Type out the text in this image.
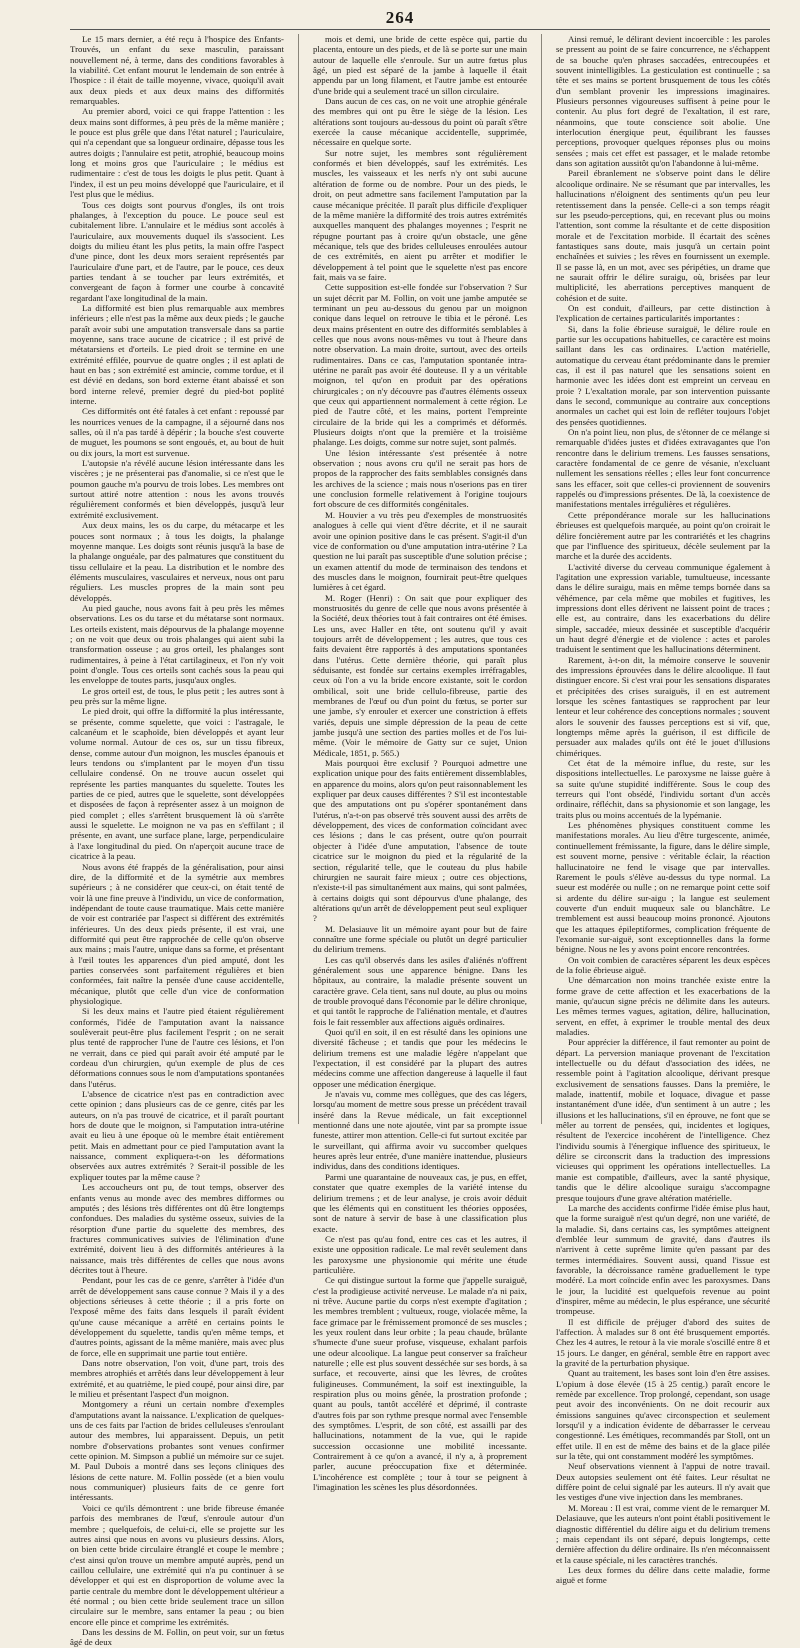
264

Le 15 mars dernier, a été reçu à l'hospice des Enfants-Trouvés, un enfant du sexe masculin, paraissant nouvellement né, à terme, dans des conditions favorables à la viabilité. Cet enfant mourut le lendemain de son entrée à l'hospice : il était de taille moyenne, vivace, quoiqu'il avait aux deux pieds et aux deux mains des difformités remarquables.

Au premier abord, voici ce qui frappe l'attention : les deux mains sont difformes, à peu près de la même manière ; le pouce est plus grêle que dans l'état naturel ; l'auriculaire, qui n'a cependant que sa longueur ordinaire, dépasse tous les autres doigts ; l'annulaire est petit, atrophié, beaucoup moins long et moins gros que l'auriculaire ; le médius est rudimentaire : c'est de tous les doigts le plus petit. Quant à l'index, il est un peu moins développé que l'auriculaire, et il l'est plus que le médius.

Tous ces doigts sont pourvus d'ongles, ils ont trois phalanges, à l'exception du pouce. Le pouce seul est cubitalement libre. L'annulaire et le médius sont accolés à l'auriculaire, aux mouvements duquel ils s'associent. Les doigts du milieu étant les plus petits, la main offre l'aspect d'une pince, dont les deux mors seraient représentés par l'auriculaire d'une part, et de l'autre, par le pouce, ces deux parties tendant à se toucher par leurs extrémités, et convergeant de façon à former une courbe à concavité regardant l'axe longitudinal de la main.

La difformité est bien plus remarquable aux membres inférieurs ; elle n'est pas la même aux deux pieds ; le gauche paraît avoir subi une amputation transversale dans sa partie moyenne, sans trace aucune de cicatrice ; il est privé de métatarsiens et d'orteils. Le pied droit se termine en une extrémité effilée, pourvue de quatre ongles ; il est aplati de haut en bas ; son extrémité est amincie, comme tordue, et il est dévié en dedans, son bord externe étant abaissé et son bord interne relevé, premier degré du pied-bot poplité interne.

Ces difformités ont été fatales à cet enfant : repoussé par les nourrices venues de la campagne, il a séjourné dans nos salles, où il n'a pas tardé à dépérir ; la bouche s'est couverte de muguet, les poumons se sont engoués, et, au bout de huit ou dix jours, la mort est survenue.

L'autopsie n'a révélé aucune lésion intéressante dans les viscères ; je ne présenterai pas d'anomalie, si ce n'est que le poumon gauche m'a pourvu de trois lobes. Les membres ont surtout attiré notre attention : nous les avons trouvés régulièrement conformés et bien développés, jusqu'à leur extrémité exclusivement.

Aux deux mains, les os du carpe, du métacarpe et les pouces sont normaux ; à tous les doigts, la phalange moyenne manque. Les doigts sont réunis jusqu'à la base de la phalange onguéale, par des palmatures que constituent du tissu cellulaire et la peau. La distribution et le nombre des éléments musculaires, vasculaires et nerveux, nous ont paru réguliers. Les muscles propres de la main sont peu développés.

Au pied gauche, nous avons fait à peu près les mêmes observations. Les os du tarse et du métatarse sont normaux. Les orteils existent, mais dépourvus de la phalange moyenne ; on ne voit que deux ou trois phalanges qui aient subi la transformation osseuse ; au gros orteil, les phalanges sont rudimentaires, à peine à l'état cartilagineux, et l'on n'y voit point d'ongle. Tous ces orteils sont cachés sous la peau qui les enveloppe de toutes parts, jusqu'aux ongles.

Le gros orteil est, de tous, le plus petit ; les autres sont à peu près sur la même ligne.

Le pied droit, qui offre la difformité la plus intéressante, se présente, comme squelette, que voici : l'astragale, le calcanéum et le scaphoïde, bien développés et ayant leur volume normal. Autour de ces os, sur un tissu fibreux, dense, comme autour d'un moignon, les muscles épanouis et leurs tendons ou s'implantent par le moyen d'un tissu cellulaire condensé. On ne trouve aucun osselet qui représente les parties manquantes du squelette. Toutes les parties de ce pied, autres que le squelette, sont développées et disposées de façon à représenter assez à un moignon de pied complet ; elles s'arrêtent brusquement là où s'arrête aussi le squelette. Le moignon ne va pas en s'effilant ; il présente, en avant, une surface plane, large, perpendiculaire à l'axe longitudinal du pied. On n'aperçoit aucune trace de cicatrice à la peau.

Nous avons été frappés de la généralisation, pour ainsi dire, de la difformité et de la symétrie aux membres supérieurs ; à ne considérer que ceux-ci, on était tenté de voir là une fine preuve à l'individu, un vice de conformation, indépendant de toute cause traumatique. Mais cette manière de voir est contrariée par l'aspect si différent des extrémités inférieures. Un des deux pieds présente, il est vrai, une difformité qui peut être rapprochée de celle qu'on observe aux mains ; mais l'autre, unique dans sa forme, et présentant à l'œil toutes les apparences d'un pied amputé, dont les parties conservées sont parfaitement régulières et bien conformées, fait naître la pensée d'une cause accidentelle, mécanique, plutôt que celle d'un vice de conformation physiologique.

Si les deux mains et l'autre pied étaient régulièrement conformés, l'idée de l'amputation avant la naissance soulèverait peut-être plus facilement l'esprit ; on ne serait plus tenté de rapprocher l'une de l'autre ces lésions, et l'on ne verrait, dans ce pied qui paraît avoir été amputé par le cordeau d'un chirurgien, qu'un exemple de plus de ces déformations connues sous le nom d'amputations spontanées dans l'utérus.

L'absence de cicatrice n'est pas en contradiction avec cette opinion ; dans plusieurs cas de ce genre, cités par les auteurs, on n'a pas trouvé de cicatrice, et il paraît pourtant hors de doute que le moignon, si l'amputation intra-utérine avait eu lieu à une époque où le membre était entièrement petit. Mais en admettant pour ce pied l'amputation avant la naissance, comment expliquera-t-on les déformations observées aux autres extrémités ? Serait-il possible de les expliquer toutes par la même cause ?

Les accoucheurs ont pu, de tout temps, observer des enfants venus au monde avec des membres difformes ou amputés ; des lésions très différentes ont dû être longtemps confondues. Des maladies du système osseux, suivies de la résorption d'une partie du squelette des membres, des fractures communicatives suivies de l'élimination d'une extrémité, doivent lieu à des difformités antérieures à la naissance, mais très différentes de celles que nous avons décrites tout à l'heure.

Pendant, pour les cas de ce genre, s'arrêter à l'idée d'un arrêt de développement sans cause connue ? Mais il y a des objections sérieuses à cette théorie ; il a pris forte on l'exposé même des faits dans lesquels il paraît évident qu'une cause mécanique a arrêté en certains points le développement du squelette, tandis qu'en même temps, et d'autres points, agissant de la même manière, mais avec plus de force, elle en supprimait une partie tout entière.

Dans notre observation, l'on voit, d'une part, trois des membres atrophiés et arrêtés dans leur développement à leur extrémité, et au quatrième, le pied coupé, pour ainsi dire, par le milieu et présentant l'aspect d'un moignon.

Montgomery a réuni un certain nombre d'exemples d'amputations avant la naissance. L'explication de quelques-uns de ces faits par l'action de brides celluleuses s'enroulant autour des membres, lui apparaissent. Depuis, un petit nombre d'observations probantes sont venues confirmer cette opinion. M. Simpson a publié un mémoire sur ce sujet. M. Paul Dubois a montré dans ses leçons cliniques des lésions de cette nature. M. Follin possède (et a bien voulu nous communiquer) plusieurs faits de ce genre fort intéressants.

Voici ce qu'ils démontrent : une bride fibreuse émanée parfois des membranes de l'œuf, s'enroule autour d'un membre ; quelquefois, de celui-ci, elle se projette sur les autres ainsi que nous en avons vu plusieurs dessins. Alors, on bien cette bride circulaire étranglé et coupe le membre ; c'est ainsi qu'on trouve un membre amputé auprès, pend un caillou cellulaire, une extrémité qui n'a pu continuer à se développer et qui est en disproportion de volume avec la partie centrale du membre dont le développement ultérieur a été normal ; ou bien cette bride seulement trace un sillon circulaire sur le membre, sans entamer la peau ; ou bien encore elle pince et comprime les extrémités.

Dans les dessins de M. Follin, on peut voir, sur un fœtus âgé de deux

mois et demi, une bride de cette espèce qui, partie du placenta, entoure un des pieds, et de là se porte sur une main autour de laquelle elle s'enroule. Sur un autre fœtus plus âgé, un pied est séparé de la jambe à laquelle il était appendu par un long filament, et l'autre jambe est entourée d'une bride qui a seulement tracé un sillon circulaire.

Dans aucun de ces cas, on ne voit une atrophie générale des membres qui ont pu être le siège de la lésion. Les altérations sont toujours au-dessous du point où paraît s'être exercée la cause mécanique accidentelle, supprimée, nécessaire en quelque sorte.

Sur notre sujet, les membres sont régulièrement conformés et bien développés, sauf les extrémités. Les muscles, les vaisseaux et les nerfs n'y ont subi aucune altération de forme ou de nombre. Pour un des pieds, le droit, on peut admettre sans facilement l'amputation par la cause mécanique précitée. Il paraît plus difficile d'expliquer de la même manière la difformité des trois autres extrémités auxquelles manquent des phalanges moyennes ; l'esprit ne répugne pourtant pas à croire qu'un obstacle, une gêne mécanique, tels que des brides celluleuses enroulées autour de ces extrémités, en aient pu arrêter et modifier le développement à tel point que le squelette n'est pas encore fait, mais va se faire.

Cette supposition est-elle fondée sur l'observation ? Sur un sujet décrit par M. Follin, on voit une jambe amputée se terminant un peu au-dessous du genou par un moignon conique dans lequel on retrouve le tibia et le péroné. Les deux mains présentent en outre des difformités semblables à celles que nous avons nous-mêmes vu tout à l'heure dans notre observation. La main droite, surtout, avec des orteils rudimentaires. Dans ce cas, l'amputation spontanée intra-utérine ne paraît pas avoir été douteuse. Il y a un véritable moignon, tel qu'on en produit par des opérations chirurgicales ; on n'y découvre pas d'autres éléments osseux que ceux qui appartiennent normalement à cette région. Le pied de l'autre côté, et les mains, portent l'empreinte circulaire de la bride qui les a comprimés et déformés. Plusieurs doigts n'ont que la première et la troisième phalange. Les doigts, comme sur notre sujet, sont palmés.

Une lésion intéressante s'est présentée à notre observation ; nous avons cru qu'il ne serait pas hors de propos de la rapprocher des faits semblables consignés dans les archives de la science ; mais nous n'oserions pas en tirer une conclusion formelle relativement à l'origine toujours fort obscure de ces difformités congénitales.

M. Houvier a vu très peu d'exemples de monstruosités analogues à celle qui vient d'être décrite, et il ne saurait avoir une opinion positive dans le cas présent. S'agit-il d'un vice de conformation ou d'une amputation intra-utérine ? La question ne lui paraît pas susceptible d'une solution précise ; un examen attentif du mode de terminaison des tendons et des muscles dans le moignon, fournirait peut-être quelques lumières à cet égard.

M. Roger (Henri) : On sait que pour expliquer des monstruosités du genre de celle que nous avons présentée à la Société, deux théories tout à fait contraires ont été émises. Les uns, avec Haller en tête, ont soutenu qu'il y avait toujours arrêt de développement ; les autres, que tous ces faits devaient être rapportés à des amputations spontanées dans l'utérus. Cette dernière théorie, qui paraît plus séduisante, est fondée sur certains exemples irréfragables, ceux où l'on a vu la bride encore existante, soit le cordon ombilical, soit une bride cellulo-fibreuse, partie des membranes de l'œuf ou d'un point du fœtus, se porter sur une jambe, s'y enrouler et exercer une constriction à effets variés, depuis une simple dépression de la peau de cette jambe jusqu'à une section des parties molles et de l'os lui-même. (Voir le mémoire de Gatty sur ce sujet, Union Médicale, 1851, p. 565.)

Mais pourquoi être exclusif ? Pourquoi admettre une explication unique pour des faits entièrement dissemblables, en apparence du moins, alors qu'on peut raisonnablement les expliquer par deux causes différentes ? S'il est incontestable que des amputations ont pu s'opérer spontanément dans l'utérus, n'a-t-on pas observé très souvent aussi des arrêts de développement, des vices de conformation coïncidant avec ces lésions ; dans le cas présent, outre qu'on pourrait objecter à l'idée d'une amputation, l'absence de toute cicatrice sur le moignon du pied et la régularité de la section, régularité telle, que le couteau du plus habile chirurgien ne saurait faire mieux ; outre ces objections, n'existe-t-il pas simultanément aux mains, qui sont palmées, à certains doigts qui sont dépourvus d'une phalange, des altérations qu'un arrêt de développement peut seul expliquer ?

M. Delasiauve lit un mémoire ayant pour but de faire connaître une forme spéciale ou plutôt un degré particulier du delirium tremens.

Les cas qu'il observés dans les asiles d'aliénés n'offrent généralement sous une apparence bénigne. Dans les hôpitaux, au contraire, la maladie présente souvent un caractère grave. Cela tient, sans nul doute, au plus ou moins de trouble provoqué dans l'économie par le délire chronique, et qui tantôt le rapproche de l'aliénation mentale, et d'autres fois le fait ressembler aux affections aiguës ordinaires.

Quoi qu'il en soit, il en est résulté dans les opinions une diversité fâcheuse ; et tandis que pour les médecins le delirium tremens est une maladie légère n'appelant que l'expectation, il est considéré par la plupart des autres médecins comme une affection dangereuse à laquelle il faut opposer une médication énergique.

Je n'avais vu, comme mes collègues, que des cas légers, lorsqu'au moment de mettre sous presse un précédent travail inséré dans la Revue médicale, un fait exceptionnel mentionné dans une note ajoutée, vint par sa prompte issue funeste, attirer mon attention. Celle-ci fut surtout excitée par le surveillant, qui affirma avoir vu succomber quelques heures après leur entrée, d'une manière inattendue, plusieurs individus, dans des conditions identiques.

Parmi une quarantaine de nouveaux cas, je pus, en effet, constater que quatre exemples de la variété intense du delirium tremens ; et de leur analyse, je crois avoir déduit que les éléments qui en constituent les théories opposées, sont de nature à servir de base à une classification plus exacte.

Ce n'est pas qu'au fond, entre ces cas et les autres, il existe une opposition radicale. Le mal revêt seulement dans les paroxysme une physionomie qui mérite une étude particulière.

Ce qui distingue surtout la forme que j'appelle suraiguë, c'est la prodigieuse activité nerveuse. Le malade n'a ni paix, ni trêve. Aucune partie du corps n'est exempte d'agitation ; les membres tremblent ; vultueux, rouge, violacée même, la face grimace par le frémissement promoncé de ses muscles ; les yeux roulent dans leur orbite ; la peau chaude, brûlante s'humecte d'une sueur profuse, visqueuse, exhalant parfois une odeur alcoolique. La langue peut conserver sa fraîcheur naturelle ; elle est plus souvent desséchée sur ses bords, à sa surface, et recouverte, ainsi que les lèvres, de croûtes fuligineuses. Communément, la soif est inextinguible, la respiration plus ou moins gênée, la prostration profonde ; quant au pouls, tantôt accéléré et déprimé, il contraste d'autres fois par son rythme presque normal avec l'ensemble des symptômes. L'esprit, de son côté, est assailli par des hallucinations, notamment de la vue, qui le rapide succession occasionne une mobilité incessante. Contrairement à ce qu'on a avancé, il n'y a, à proprement parler, aucune préoccupation fixe et déterminée. L'incohérence est complète ; tour à tour se peignent à l'imagination les scènes les plus désordonnées.

Ainsi remué, le délirant devient incoercible : les paroles se pressent au point de se faire concurrence, ne s'échappent de sa bouche qu'en phrases saccadées, entrecoupées et souvent inintelligibles. La gesticulation est continuelle ; sa tête et ses mains se portent brusquement de tous les côtés d'un semblant provenir les impressions imaginaires. Plusieurs personnes vigoureuses suffisent à peine pour le contenir. Au plus fort degré de l'exaltation, il est rare, néanmoins, que toute conscience soit abolie. Une interlocution énergique peut, équilibrant les fausses perceptions, provoquer quelques réponses plus ou moins sensées ; mais cet effet est passager, et le malade retombe dans son agitation aussitôt qu'on l'abandonne à lui-même.

Pareil ébranlement ne s'observe point dans le délire alcoolique ordinaire. Ne se résumant que par intervalles, les hallucinations n'éloignent des sentiments qu'un peu leur retentissement dans la pensée. Celle-ci a son temps réagit sur les pseudo-perceptions, qui, en recevant plus ou moins l'attention, sont comme la résultante et de cette disposition morale et de l'excitation morbide. Il écartait des scènes fantastiques sans doute, mais jusqu'à un certain point enchaînées et suivies ; les rêves en fournissent un exemple. Il se passe là, en un mot, avec ses péripéties, un drame que ne saurait offrir le délire suraigu, où, brisées par leur multiplicité, les aberrations perceptives manquent de cohésion et de suite.

On est conduit, d'ailleurs, par cette distinction à l'explication de certaines particularités importantes :

Si, dans la folie ébrieuse suraiguë, le délire roule en partie sur les occupations habituelles, ce caractère est moins saillant dans les cas ordinaires. L'action matérielle, automatique du cerveau étant prédominante dans le premier cas, il est il pas naturel que les sensations soient en harmonie avec les idées dont est empreint un cerveau en proie ? L'exaltation morale, par son intervention puissante dans le second, communique au contraire aux conceptions anormales un cachet qui est loin de refléter toujours l'objet des pensées quotidiennes.

On n'a point lieu, non plus, de s'étonner de ce mélange si remarquable d'idées justes et d'idées extravagantes que l'on rencontre dans le delirium tremens. Les fausses sensations, caractère fondamental de ce genre de vésanie, n'excluant nullement les sensations réelles ; elles leur font concurrence sans les effacer, soit que celles-ci proviennent de souvenirs rappelés ou d'impressions présentes. De là, la coexistence de manifestations mentales irrégulières et régulières.

Cette prépondérance morale sur les hallucinations ébrieuses est quelquefois marquée, au point qu'on croirait le délire foncièrement autre par les contrariétés et les chagrins que par l'influence des spiritueux, décèle seulement par la marche et la durée des accidents.

L'activité diverse du cerveau communique également à l'agitation une expression variable, tumultueuse, incessante dans le délire suraigu, mais en même temps bornée dans sa véhémence, par cela même que mobiles et fugitives, les impressions dont elles dérivent ne laissent point de traces ; elle est, au contraire, dans les exacerbations du délire simple, saccadée, mieux dessinée et susceptible d'acquérir un haut degré d'énergie et de violence : actes et paroles traduisent le sentiment que les hallucinations déterminent.

Rarement, à-t-on dit, la mémoire conserve le souvenir des impressions éprouvées dans le délire alcoolique. Il faut distinguer encore. Si c'est vrai pour les sensations disparates et précipitées des crises suraiguës, il en est autrement lorsque les scènes fantastiques se rapprochent par leur lenteur et leur cohérence des conceptions normales ; souvent alors le souvenir des fausses perceptions est si vif, que, longtemps même après la guérison, il est difficile de persuader aux malades qu'ils ont été le jouet d'illusions chimériques.

Cet état de la mémoire influe, du reste, sur les dispositions intellectuelles. Le paroxysme ne laisse guère à sa suite qu'une stupidité indifférente. Sous le coup des terreurs qui l'ont obsédé, l'individu sortant d'un accès ordinaire, réfléchit, dans sa physionomie et son langage, les traits plus ou moins accentués de la lypémanie.

Les phénomènes physiques constituent comme les manifestations morales. Au lieu d'être turgescente, animée, continuellement frémissante, la figure, dans le délire simple, est souvent morne, pensive : véritable éclair, la réaction hallucinatoire ne fend le visage que par intervalles. Rarement le pouls s'élève au-dessus du type normal. La sueur est modérée ou nulle ; on ne remarque point cette soif si ardente du délire sur-aigu ; la langue est seulement couverte d'un enduit muqueux sale ou blanchâtre. Le tremblement est aussi beaucoup moins prononcé. Ajoutons que les attaques épileptiformes, complication fréquente de l'exomanie sur-aiguë, sont exceptionnelles dans la forme bénigne. Nous ne les y avons point encore rencontrées.

On voit combien de caractères séparent les deux espèces de la folie ébrieuse aiguë.

Une démarcation non moins tranchée existe entre la forme grave de cette affection et les exacerbations de la manie, qu'aucun signe précis ne délimite dans les auteurs. Les mêmes termes vagues, agitation, délire, hallucination, servent, en effet, à exprimer le trouble mental des deux maladies.

Pour apprécier la différence, il faut remonter au point de départ. La perversion maniaque provenant de l'excitation intellectuelle ou du défaut d'association des idées, ne ressemble point à l'agitation alcoolique, dérivant presque exclusivement de sensations fausses. Dans la première, le malade, inattentif, mobile et loquace, divague et passe instantanément d'une idée, d'un sentiment à un autre ; les illusions et les hallucinations, s'il en éprouve, ne font que se mêler au torrent de pensées, qui, incidentes et logiques, résultent de l'exercice incohérent de l'intelligence. Chez l'individu soumis à l'énergique influence des spiritueux, le délire se circonscrit dans la traduction des impressions vicieuses qui oppriment les opérations intellectuelles. La manie est compatible, d'ailleurs, avec la santé physique, tandis que le délire alcoolique suraigu s'accompagne presque toujours d'une grave altération matérielle.

La marche des accidents confirme l'idée émise plus haut, que la forme suraiguë n'est qu'un degré, non une variété, de la maladie. Si, dans certains cas, les symptômes atteignent d'emblée leur summum de gravité, dans d'autres ils n'arrivent à cette suprême limite qu'en passant par des termes intermédiaires. Souvent aussi, quand l'issue est favorable, la décroissance ramène graduellement le type modéré. La mort coïncide enfin avec les paroxysmes. Dans le jour, la lucidité est quelquefois revenue au point d'inspirer, même au médecin, le plus espérance, une sécurité trompeuse.

Il est difficile de préjuger d'abord des suites de l'affection. À malades sur 8 ont été brusquement emportés. Chez les 4 autres, le retour à la vie morale s'oscillé entre 8 et 15 jours. Le danger, en général, semble être en rapport avec la gravité de la perturbation physique.

Quant au traitement, les bases sont loin d'en être assises. L'opium à dose élevée (15 à 25 centig.) paraît encore le remède par excellence. Trop prolongé, cependant, son usage peut avoir des inconvénients. On ne doit recourir aux émissions sanguines qu'avec circonspection et seulement lorsqu'il y a indication évidente de débarrasser le cerveau congestionné. Les émétiques, recommandés par Stoll, ont un effet utile. Il en est de même des bains et de la glace pilée sur la tête, qui ont constamment modéré les symptômes.

Neuf observations viennent à l'appui de notre travail. Deux autopsies seulement ont été faites. Leur résultat ne diffère point de celui signalé par les auteurs. Il n'y avait que les vestiges d'une vive injection dans les membranes.

M. Moreau : Il est vrai, comme vient de le remarquer M. Delasiauve, que les auteurs n'ont point établi positivement le diagnostic différentiel du délire aigu et du delirium tremens ; mais cependant ils ont séparé, depuis longtemps, cette dernière affection du délire ordinaire. Ils n'en méconnaissent et la cause spéciale, ni les caractères tranchés.

Les deux formes du délire dans cette maladie, forme aiguë et forme
